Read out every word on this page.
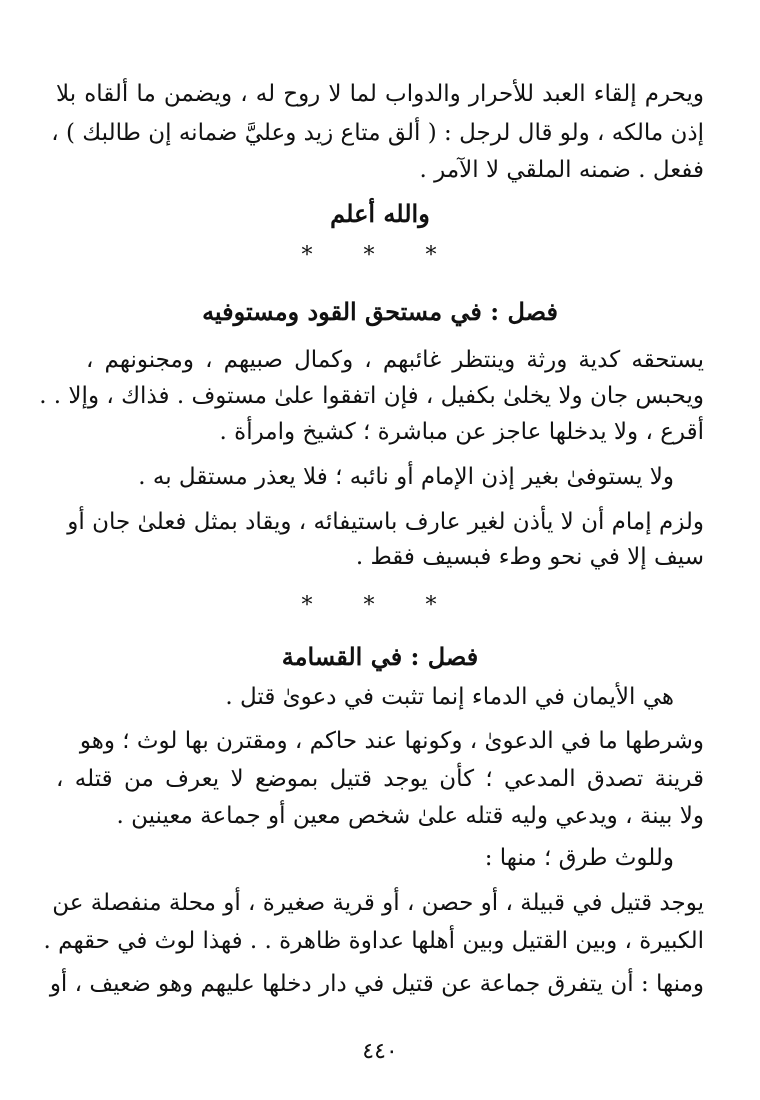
ويحرم إلقاء العبد للأحرار والدواب لما لا روح له ، ويضمن ما ألقاه بلا
إذن مالكه ، ولو قال لرجل : ( ألق متاع زيد وعليَّ ضمانه إن طالبك ) ،
ففعل . ضمنه الملقي لا الآمر .
والله أعلم
* * *
فصل : في مستحق القود ومستوفيه
يستحقه كدية ورثة وينتظر غائبهم ، وكمال صبيهم ، ومجنونهم ،
ويحبس جان ولا يخلىٰ بكفيل ، فإن اتفقوا علىٰ مستوف . فذاك ، وإلا . .
أقرع ، ولا يدخلها عاجز عن مباشرة ؛ كشيخ وامرأة .
ولا يستوفىٰ بغير إذن الإمام أو نائبه ؛ فلا يعذر مستقل به .
ولزم إمام أن لا يأذن لغير عارف باستيفائه ، ويقاد بمثل فعلىٰ جان أو
سيف إلا في نحو وطء فبسيف فقط .
* * *
فصل : في القسامة
هي الأيمان في الدماء إنما تثبت في دعوىٰ قتل .
وشرطها ما في الدعوىٰ ، وكونها عند حاكم ، ومقترن بها لوث ؛ وهو
قرينة تصدق المدعي ؛ كأن يوجد قتيل بموضع لا يعرف من قتله ،
ولا بينة ، ويدعي وليه قتله علىٰ شخص معين أو جماعة معينين .
وللوث طرق ؛ منها :
يوجد قتيل في قبيلة ، أو حصن ، أو قرية صغيرة ، أو محلة منفصلة عن
الكبيرة ، وبين القتيل وبين أهلها عداوة ظاهرة . . فهذا لوث في حقهم .
ومنها : أن يتفرق جماعة عن قتيل في دار دخلها عليهم وهو ضعيف ، أو
٤٤٠
